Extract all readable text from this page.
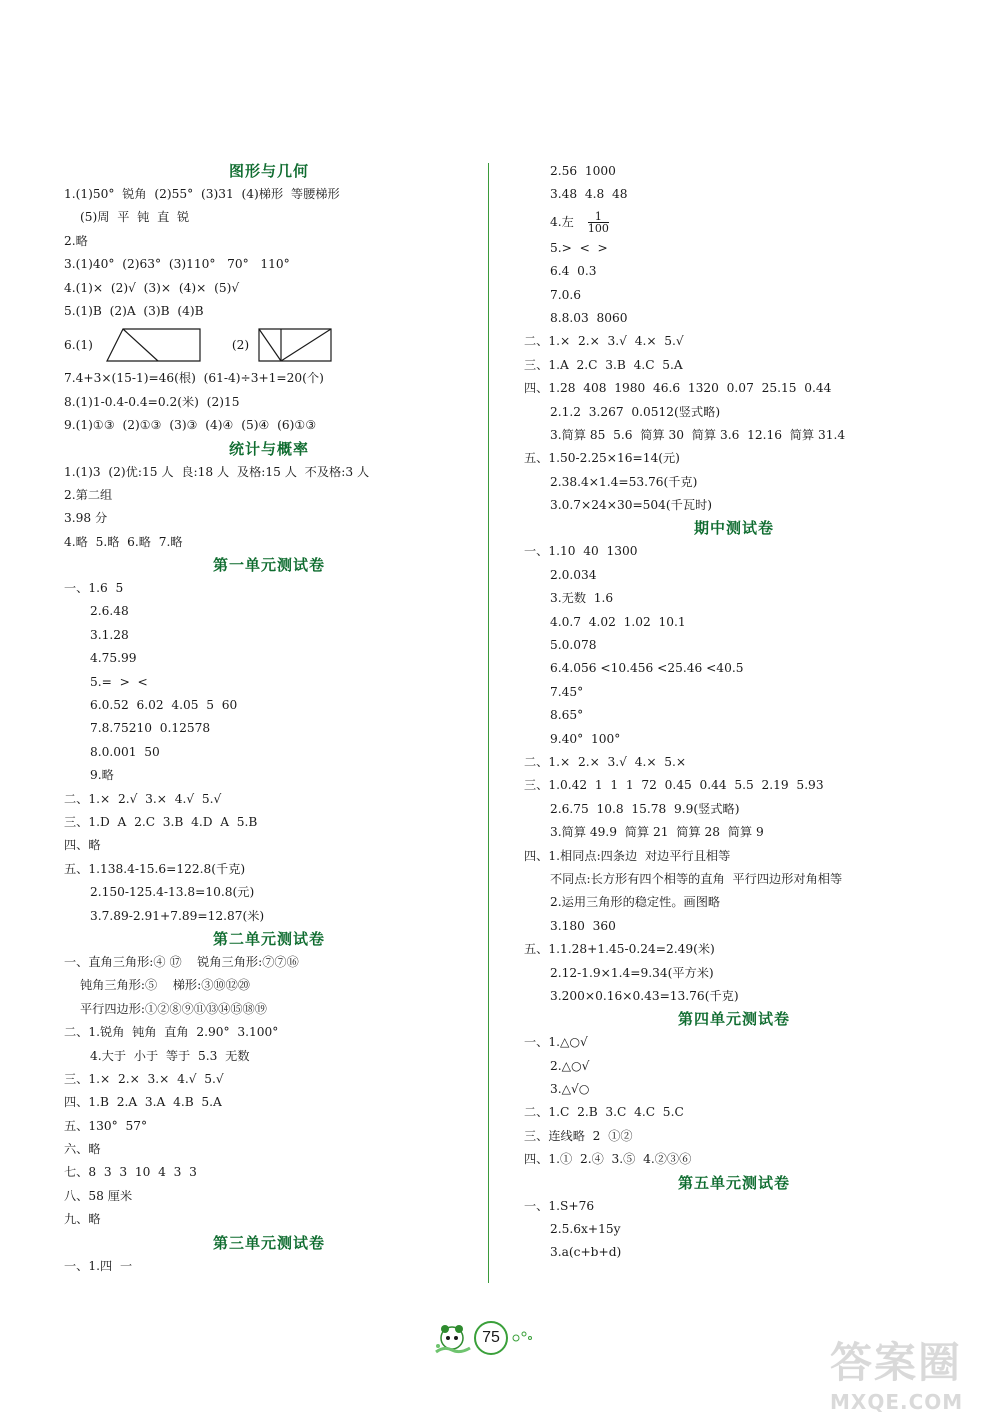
图形与几何
1.(1)50°  锐角  (2)55°  (3)31  (4)梯形  等腰梯形
(5)周  平  钝  直  锐
2.略
3.(1)40°  (2)63°  (3)110°   70°   110°
4.(1)×  (2)√  (3)×  (4)×  (5)√
5.(1)B  (2)A  (3)B  (4)B
6.(1)	(2)
7.4+3×(15-1)=46(根)  (61-4)÷3+1=20(个)
8.(1)1-0.4-0.4=0.2(米)  (2)15
9.(1)①③  (2)①③  (3)③  (4)④  (5)④  (6)①③
统计与概率
1.(1)3  (2)优:15 人  良:18 人  及格:15 人  不及格:3 人
2.第二组
3.98 分
4.略  5.略  6.略  7.略
第一单元测试卷
一、1.6  5
2.6.48
3.1.28
4.75.99
5.=  >  <
6.0.52  6.02  4.05  5  60
7.8.75210  0.12578
8.0.001  50
9.略
二、1.×  2.√  3.×  4.√  5.√
三、1.D  A  2.C  3.B  4.D  A  5.B
四、略
五、1.138.4-15.6=122.8(千克)
2.150-125.4-13.8=10.8(元)
3.7.89-2.91+7.89=12.87(米)
第二单元测试卷
一、直角三角形:④ ⑰    锐角三角形:⑦⑦⑯
钝角三角形:⑤    梯形:③⑩⑫⑳
平行四边形:①②⑧⑨⑪⑬⑭⑮⑱⑲
二、1.锐角  钝角  直角  2.90°  3.100°
4.大于  小于  等于  5.3  无数
三、1.×  2.×  3.×  4.√  5.√
四、1.B  2.A  3.A  4.B  5.A
五、130°  57°
六、略
七、8  3  3  10  4  3  3
八、58 厘米
九、略
第三单元测试卷
一、1.四  一
2.56  1000
3.48  4.8  48
4.左 $\frac{1}{100}$
5.>  <  >
6.4  0.3
7.0.6
8.8.03  8060
二、1.×  2.×  3.√  4.×  5.√
三、1.A  2.C  3.B  4.C  5.A
四、1.28  408  1980  46.6  1320  0.07  25.15  0.44
2.1.2  3.267  0.0512(竖式略)
3.简算 85  5.6  简算 30  简算 3.6  12.16  简算 31.4
五、1.50-2.25×16=14(元)
2.38.4×1.4=53.76(千克)
3.0.7×24×30=504(千瓦时)
期中测试卷
一、1.10  40  1300
2.0.034
3.无数  1.6
4.0.7  4.02  1.02  10.1
5.0.078
6.4.056 <10.456 <25.46 <40.5
7.45°
8.65°
9.40°  100°
二、1.×  2.×  3.√  4.×  5.×
三、1.0.42  1  1  1  72  0.45  0.44  5.5  2.19  5.93
2.6.75  10.8  15.78  9.9(竖式略)
3.简算 49.9  简算 21  简算 28  简算 9
四、1.相同点:四条边  对边平行且相等
不同点:长方形有四个相等的直角  平行四边形对角相等
2.运用三角形的稳定性。画图略
3.180  360
五、1.1.28+1.45-0.24=2.49(米)
2.12-1.9×1.4=9.34(平方米)
3.200×0.16×0.43=13.76(千克)
第四单元测试卷
一、1.△○√
2.△○√
3.△√○
二、1.C  2.B  3.C  4.C  5.C
三、连线略  2  ①②
四、1.①  2.④  3.⑤  4.②③⑥
第五单元测试卷
一、1.S+76
2.5.6x+15y
3.a(c+b+d)
75
答案圈
MXQE.COM
